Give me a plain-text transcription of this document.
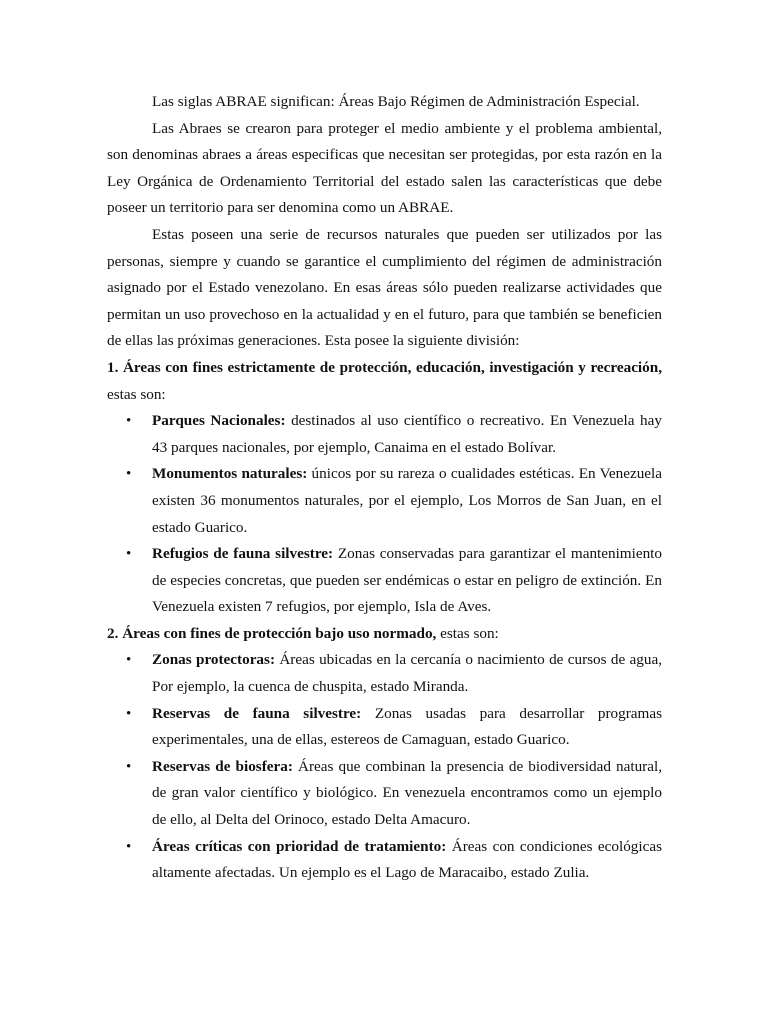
Las siglas ABRAE significan: Áreas Bajo Régimen de Administración Especial.

Las Abraes se crearon para proteger el medio ambiente y el problema ambiental, son denominas abraes a áreas especificas que necesitan ser protegidas, por esta razón en la Ley Orgánica de Ordenamiento Territorial del estado salen las características que debe poseer un territorio para ser denomina como un ABRAE.

Estas poseen una serie de recursos naturales que pueden ser utilizados por las personas, siempre y cuando se garantice el cumplimiento del régimen de administración asignado por el Estado venezolano. En esas áreas sólo pueden realizarse actividades que permitan un uso provechoso en la actualidad y en el futuro, para que también se beneficien de ellas las próximas generaciones. Esta posee la siguiente división:

1. Áreas con fines estrictamente de protección, educación, investigación y recreación, estas son:

• Parques Nacionales: destinados al uso científico o recreativo. En Venezuela hay 43 parques nacionales, por ejemplo, Canaima en el estado Bolívar.
• Monumentos naturales: únicos por su rareza o cualidades estéticas. En Venezuela existen 36 monumentos naturales, por el ejemplo, Los Morros de San Juan, en el estado Guarico.
• Refugios de fauna silvestre: Zonas conservadas para garantizar el mantenimiento de especies concretas, que pueden ser endémicas o estar en peligro de extinción. En Venezuela existen 7 refugios, por ejemplo, Isla de Aves.

2. Áreas con fines de protección bajo uso normado, estas son:

• Zonas protectoras: Áreas ubicadas en la cercanía o nacimiento de cursos de agua, Por ejemplo, la cuenca de chuspita, estado Miranda.
• Reservas de fauna silvestre: Zonas usadas para desarrollar programas experimentales, una de ellas, estereos de Camaguan, estado Guarico.
• Reservas de biosfera: Áreas que combinan la presencia de biodiversidad natural, de gran valor científico y biológico. En venezuela encontramos como un ejemplo de ello, al Delta del Orinoco, estado Delta Amacuro.
• Áreas críticas con prioridad de tratamiento: Áreas con condiciones ecológicas altamente afectadas. Un ejemplo es el Lago de Maracaibo, estado Zulia.
